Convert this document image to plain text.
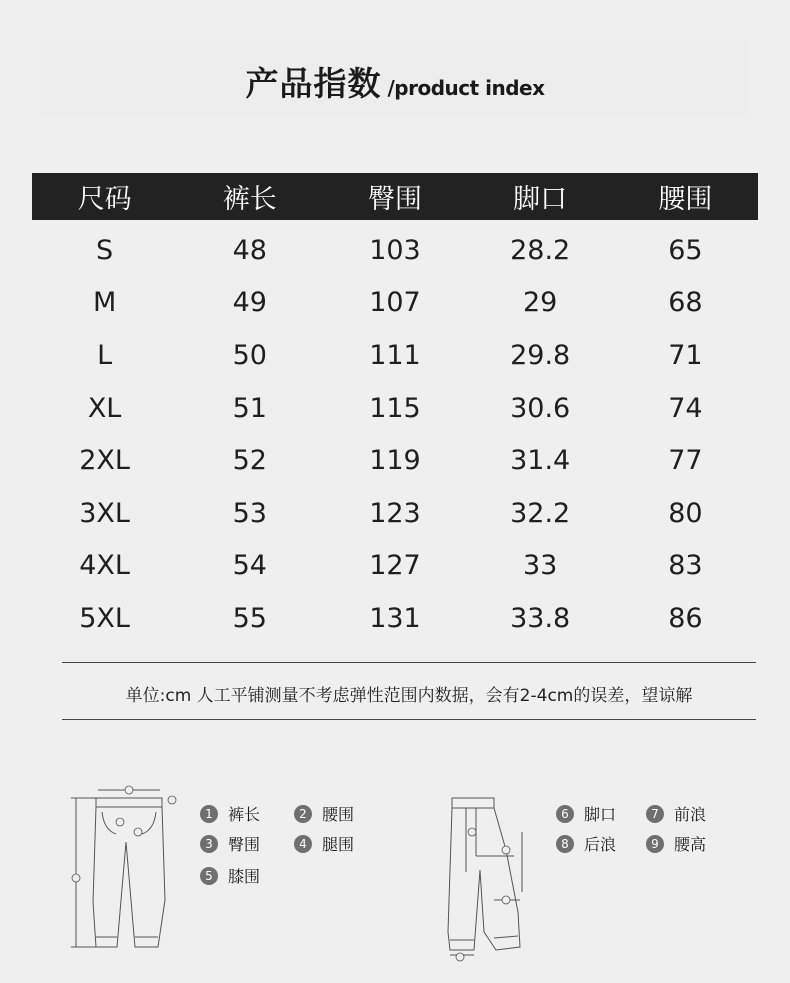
产品指数 /product index
尺码	裤长	臀围	脚口	腰围
S	48	103	28.2	65
M	49	107	29	68
L	50	111	29.8	71
XL	51	115	30.6	74
2XL	52	119	31.4	77
3XL	53	123	32.2	80
4XL	54	127	33	83
5XL	55	131	33.8	86
单位:cm 人工平铺测量不考虑弹性范围内数据，会有2-4cm的误差，望谅解
1 裤长	2 腰围
3 臀围	4 腿围
5 膝围
6 脚口	7 前浪
8 后浪	9 腰高
